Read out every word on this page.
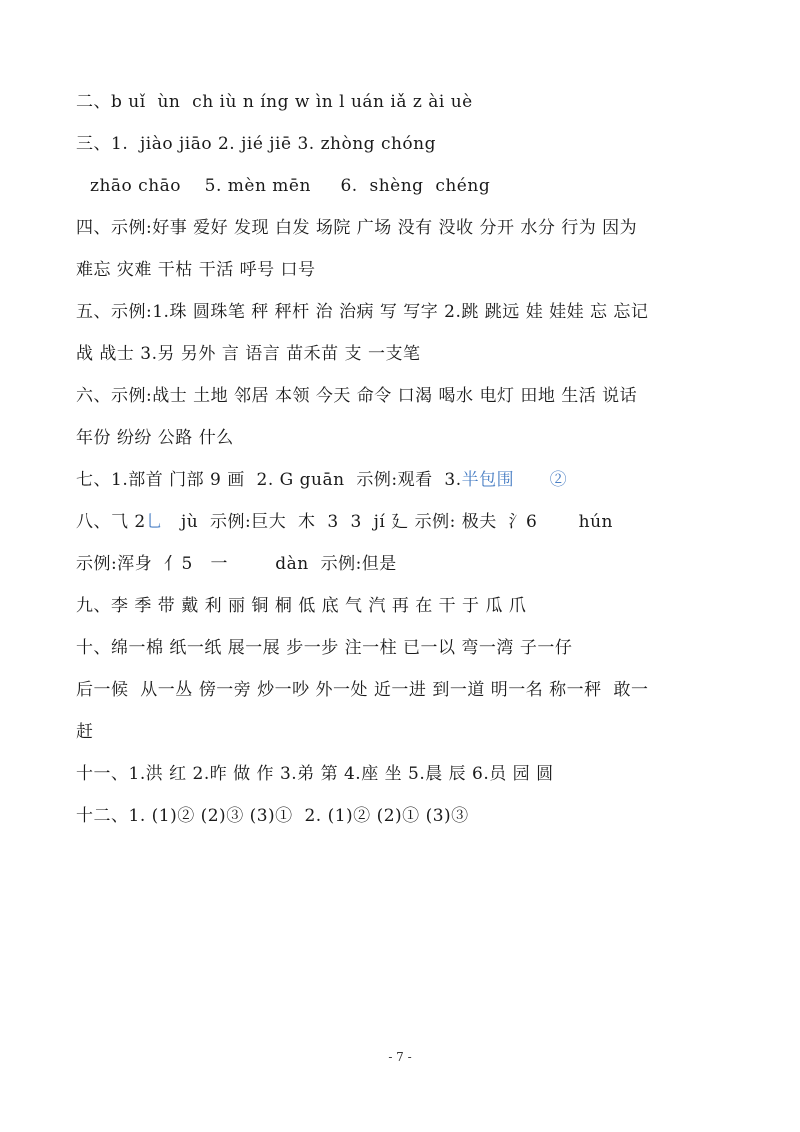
二、b uǐ  ùn  ch iù n íng w ìn l uán iǎ z ài uè
三、1.  jiào jiāo 2. jié jiē 3. zhòng chóng
zhāo chāo    5. mèn mēn     6.  shèng  chéng
四、示例:好事 爱好 发现 白发 场院 广场 没有 没收 分开 水分 行为 因为
难忘 灾难 干枯 干活 呼号 口号
五、示例:1.珠 圆珠笔 秤 秤杆 治 治病 写 写字 2.跳 跳远 娃 娃娃 忘 忘记
战 战士 3.另 另外 言 语言 苗禾苗 支 一支笔
六、示例:战士 土地 邻居 本领 今天 命令 口渴 喝水 电灯 田地 生活 说话
年份 纷纷 公路 什么
七、1.部首 门部 9 画  2. G guān  示例:观看  3.半包围      ②
八、⺄ 2乚   jù  示例:巨大  木  3  3  jí 廴 示例: 极夫  氵6       hún
示例:浑身  亻5   一        dàn  示例:但是
九、李 季 带 戴 利 丽 铜 桐 低 底 气 汽 再 在 干 于 瓜 爪
十、绵一棉 纸一纸 展一展 步一步 注一柱 已一以 弯一湾 子一仔
后一候  从一丛 傍一旁 炒一吵 外一处 近一进 到一道 明一名 称一秤  敢一
赶
十一、1.洪 红 2.昨 做 作 3.弟 第 4.座 坐 5.晨 辰 6.员 园 圆
十二、1. (1)② (2)③ (3)①  2. (1)② (2)① (3)③
- 7 -
